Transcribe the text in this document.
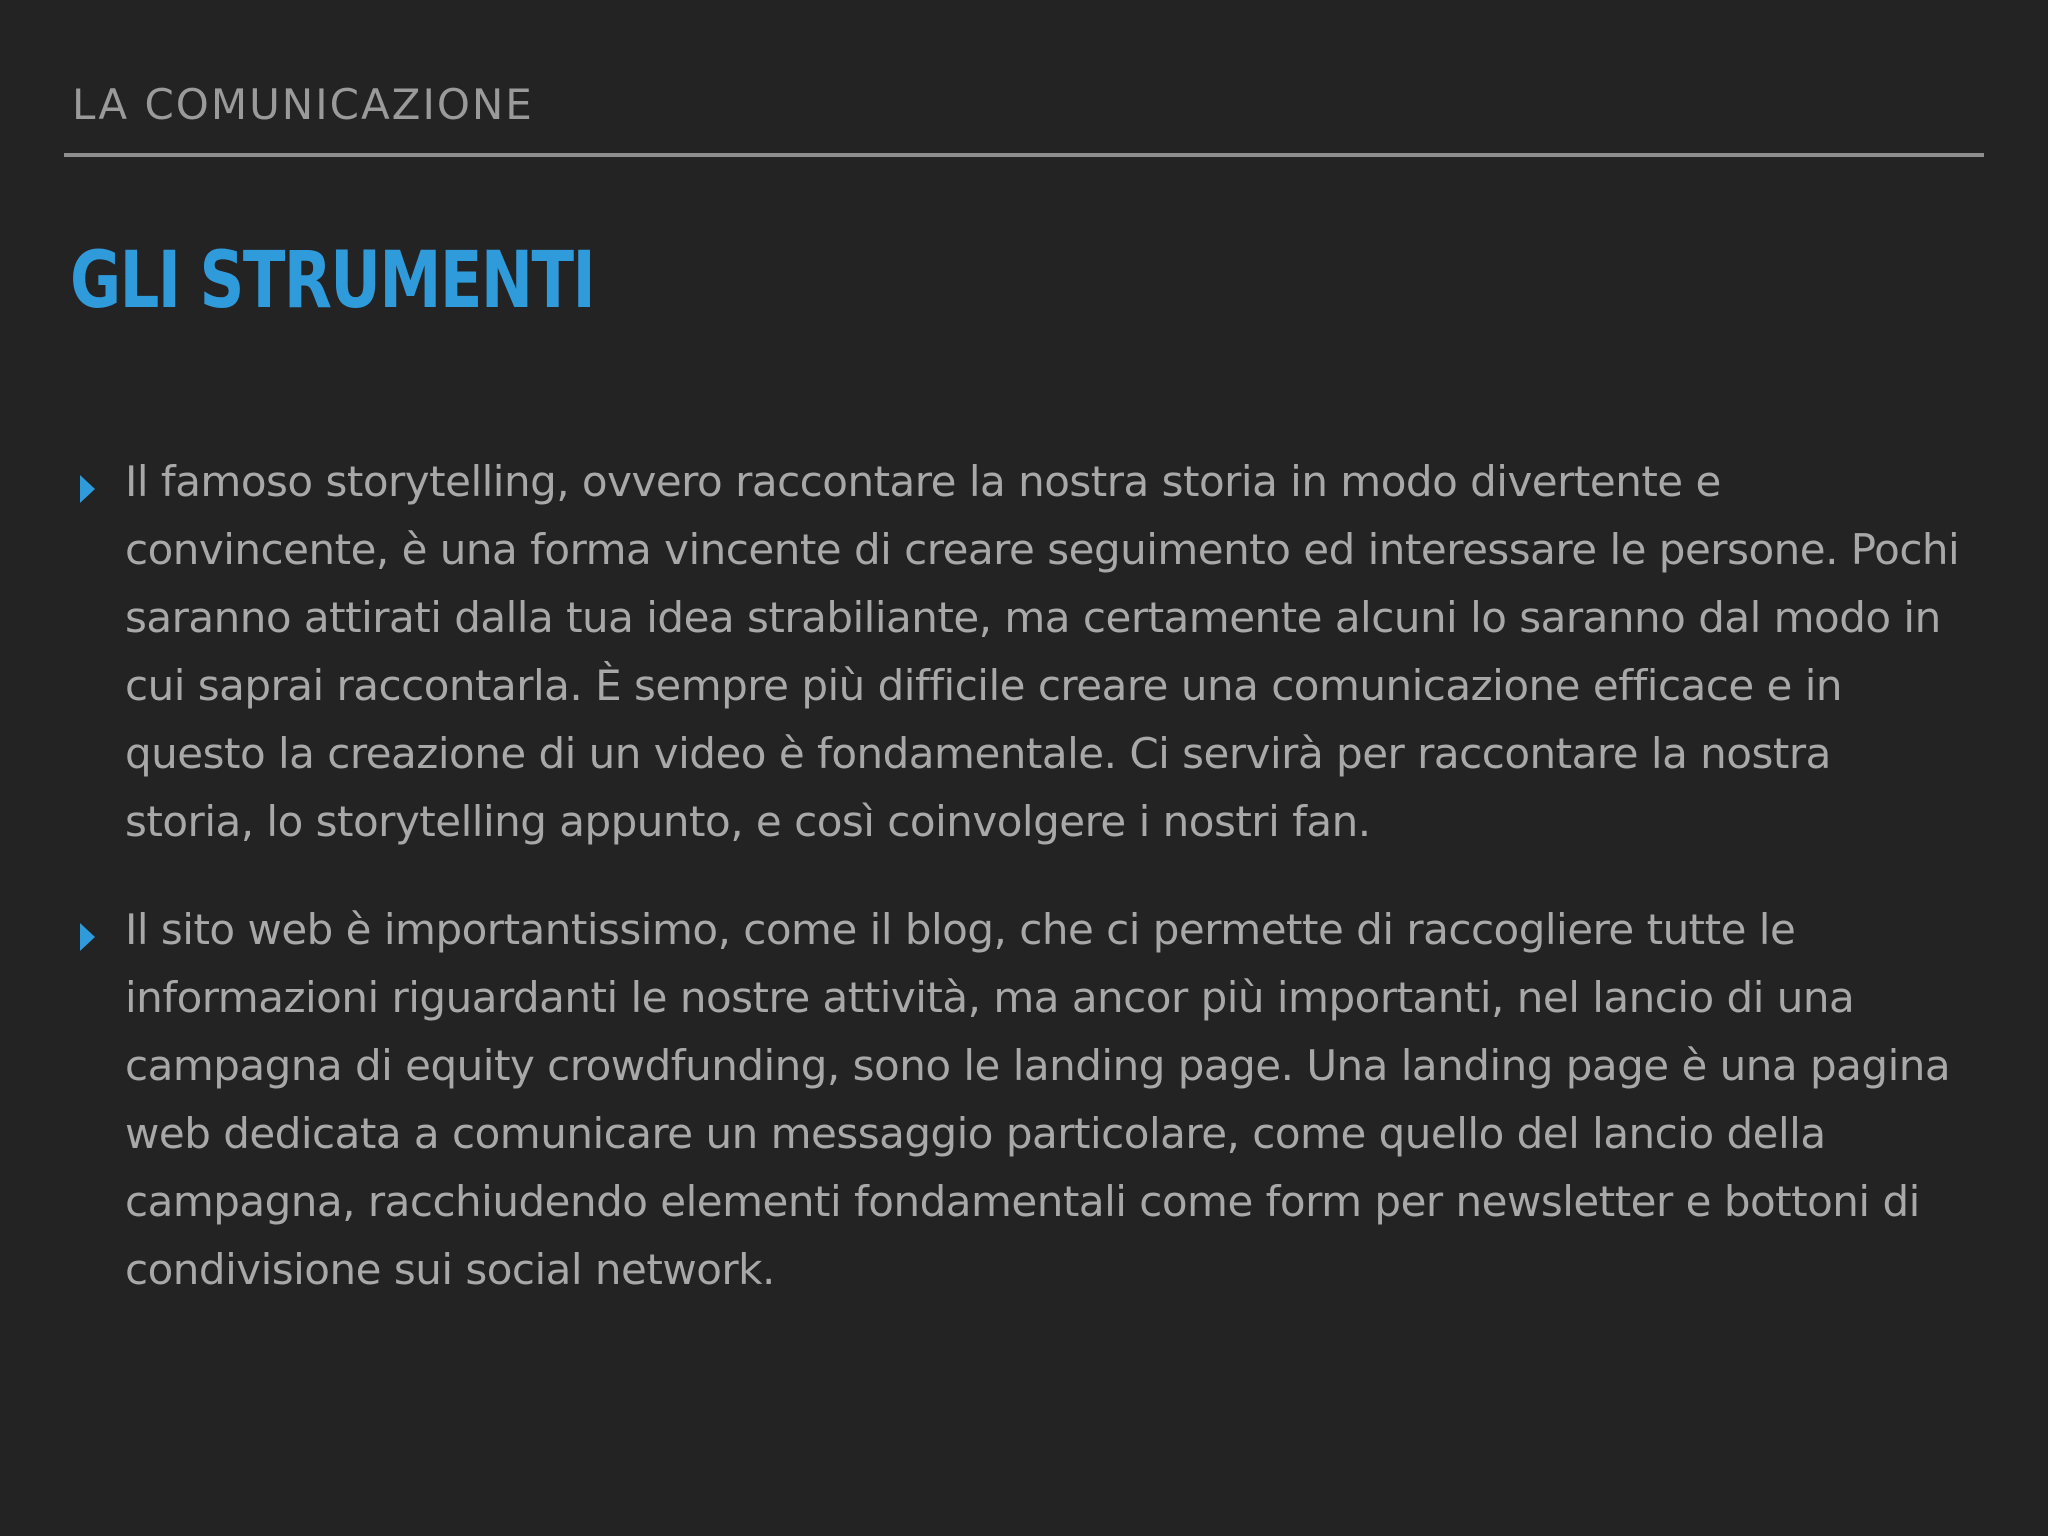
LA COMUNICAZIONE
GLI STRUMENTI
Il famoso storytelling, ovvero raccontare la nostra storia in modo divertente e convincente, è una forma vincente di creare seguimento ed interessare le persone. Pochi saranno attirati dalla tua idea strabiliante, ma certamente alcuni lo saranno dal modo in cui saprai raccontarla. È sempre più difficile creare una comunicazione efficace e in questo la creazione di un video è fondamentale. Ci servirà per raccontare la nostra storia, lo storytelling appunto, e così coinvolgere i nostri fan.
Il sito web è importantissimo, come il blog, che ci permette di raccogliere tutte le informazioni riguardanti le nostre attività, ma ancor più importanti, nel lancio di una campagna di equity crowdfunding, sono le landing page. Una landing page è una pagina web dedicata a comunicare un messaggio particolare, come quello del lancio della campagna, racchiudendo elementi fondamentali come form per newsletter e bottoni di condivisione sui social network.
